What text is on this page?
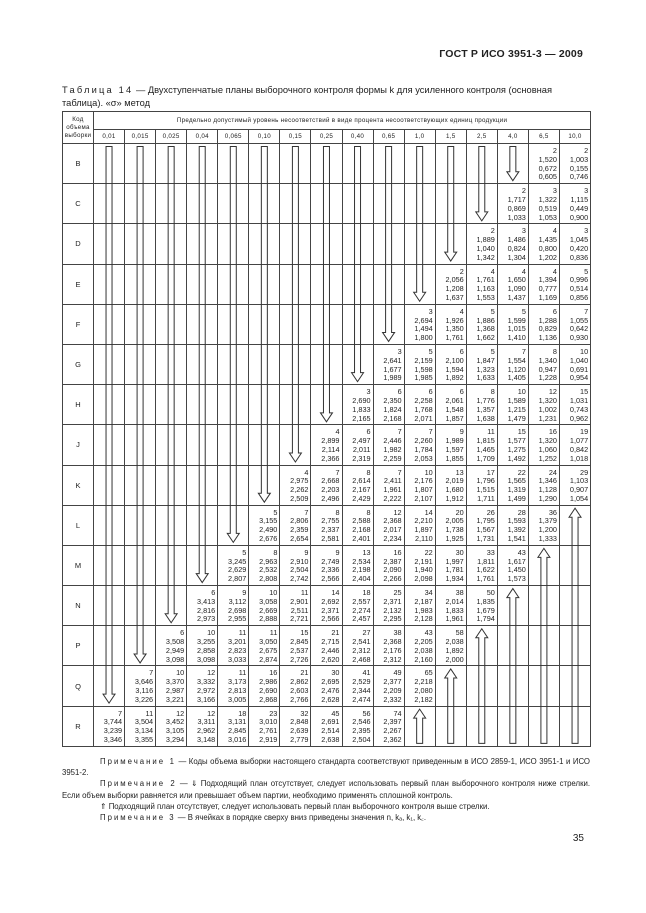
ГОСТ Р ИСО 3951-3 — 2009
Таблица 14 — Двухступенчатые планы выборочного контроля формы k для усиленного контроля (основная таблица). «σ» метод
Код объема выборки	Предельно допустимый уровень несоответствий в виде процента несоответствующих единиц продукции															
	0,01	0,015	0,025	0,04	0,065	0,10	0,15	0,25	0,40	0,65	1,0	1,5	2,5	4,0	6,5	10,0
B															2
1,520
0,672
0,605	2
1,003
0,155
0,746
C														2
1,717
0,869
1,033	3
1,322
0,519
1,053	3
1,115
0,449
0,900
D													2
1,889
1,040
1,342	3
1,486
0,824
1,304	4
1,435
0,800
1,202	3
1,045
0,420
0,836
E												2
2,056
1,208
1,637	4
1,761
1,163
1,553	4
1,650
1,090
1,437	4
1,394
0,777
1,169	5
0,996
0,514
0,856
F											3
2,694
1,494
1,800	4
1,926
1,350
1,761	5
1,886
1,368
1,662	5
1,599
1,015
1,410	6
1,288
0,829
1,136	7
1,055
0,642
0,930
G										3
2,641
1,677
1,989	5
2,159
1,598
1,985	6
2,100
1,594
1,892	5
1,847
1,323
1,633	7
1,554
1,120
1,405	8
1,340
0,947
1,228	10
1,040
0,691
0,954
H									3
2,690
1,833
2,165	6
2,350
1,824
2,168	6
2,258
1,768
2,071	6
2,061
1,548
1,857	8
1,776
1,357
1,638	10
1,589
1,215
1,479	12
1,320
1,002
1,231	15
1,031
0,743
0,962
J								4
2,899
2,114
2,366	6
2,497
2,011
2,319	7
2,446
1,982
2,259	7
2,260
1,784
2,053	9
1,989
1,597
1,855	11
1,815
1,465
1,709	15
1,577
1,275
1,492	16
1,320
1,060
1,252	19
1,077
0,842
1,018
K							4
2,975
2,262
2,509	7
2,668
2,203
2,496	8
2,614
2,167
2,429	7
2,411
1,961
2,222	10
2,176
1,807
2,107	13
2,019
1,680
1,912	17
1,796
1,515
1,711	22
1,565
1,319
1,499	24
1,346
1,128
1,290	29
1,103
0,907
1,054
L						5
3,155
2,490
2,676	7
2,806
2,359
2,654	8
2,755
2,337
2,581	8
2,588
2,168
2,401	12
2,368
2,017
2,234	14
2,210
1,897
2,110	20
2,005
1,738
1,925	26
1,795
1,567
1,731	28
1,593
1,392
1,541	36
1,379
1,200
1,333	
M					5
3,245
2,629
2,807	8
2,963
2,532
2,808	9
2,910
2,504
2,742	9
2,749
2,336
2,566	13
2,534
2,198
2,404	16
2,387
2,090
2,266	22
2,191
1,940
2,098	30
1,997
1,781
1,934	33
1,811
1,622
1,761	43
1,617
1,450
1,573		
N				6
3,413
2,816
2,973	9
3,112
2,698
2,955	10
3,058
2,669
2,888	11
2,901
2,511
2,721	14
2,692
2,371
2,566	18
2,557
2,274
2,457	25
2,371
2,132
2,295	34
2,187
1,983
2,128	38
2,014
1,833
1,961	50
1,835
1,679
1,794			
P			6
3,508
2,949
3,098	10
3,255
2,858
3,098	11
3,201
2,823
3,033	11
3,050
2,675
2,874	15
2,845
2,537
2,726	21
2,715
2,446
2,620	27
2,541
2,312
2,468	38
2,368
2,176
2,312	43
2,205
2,038
2,160	58
2,038
1,892
2,000				
Q		7
3,646
3,116
3,226	10
3,370
2,987
3,221	12
3,332
2,972
3,166	11
3,173
2,813
3,005	16
2,986
2,690
2,868	21
2,862
2,603
2,766	30
2,695
2,476
2,628	41
2,529
2,344
2,474	49
2,377
2,209
2,332	65
2,218
2,080
2,182					
R	7
3,744
3,239
3,346	11
3,504
3,134
3,355	12
3,452
3,105
3,294	12
3,311
2,962
3,148	18
3,131
2,845
3,016	23
3,010
2,761
2,919	32
2,848
2,639
2,779	45
2,691
2,514
2,638	56
2,546
2,395
2,504	74
2,397
2,267
2,362						

Примечание 1 — Коды объема выборки настоящего стандарта соответствуют приведенным в ИСО 2859-1, ИСО 3951-1 и ИСО 3951-2.

Примечание 2 — ⇓ Подходящий план отсутствует, следует использовать первый план выборочного контроля ниже стрелки. Если объем выборки равняется или превышает объем партии, необходимо применять сплошной контроль.

⇑ Подходящий план отсутствует, следует использовать первый план выборочного контроля выше стрелки.

Примечание 3 — В ячейках в порядке сверху вниз приведены значения n, kₐ, k₁, k꜀.

35
